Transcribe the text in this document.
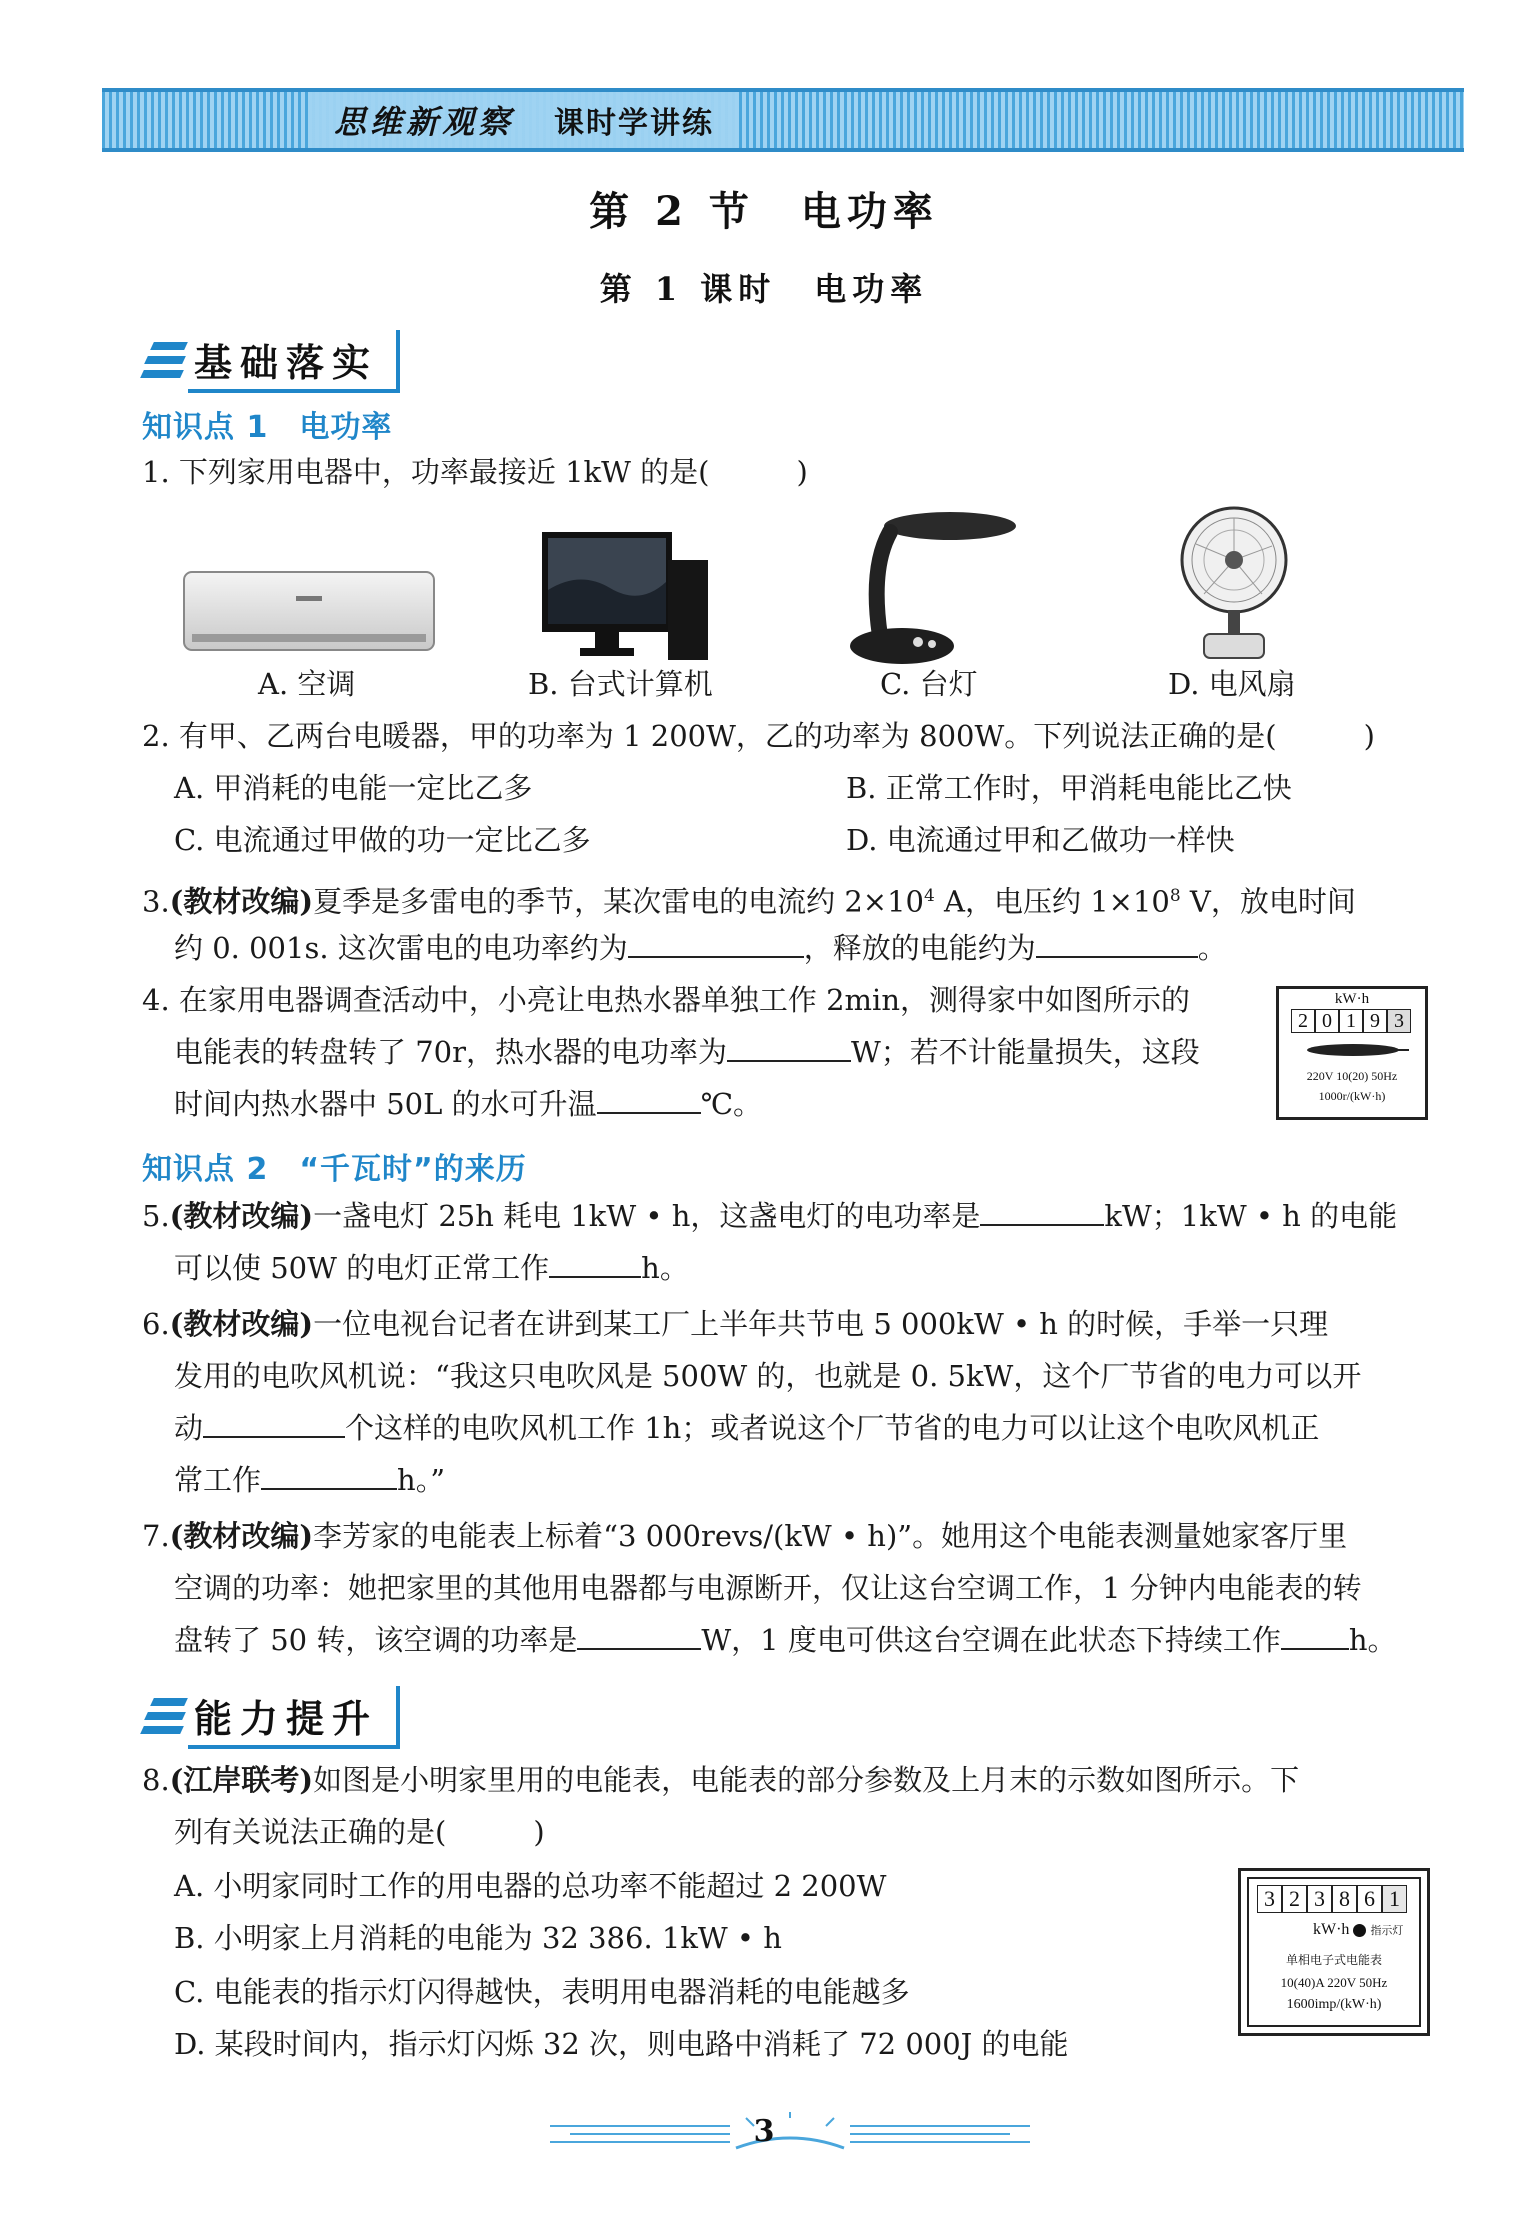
思维新观察 课时学讲练
第 2 节　电功率
第 1 课时　电功率
基础落实
知识点 1　电功率
1. 下列家用电器中，功率最接近 1kW 的是(　　　)
A. 空调	B. 台式计算机	C. 台灯	D. 电风扇
2. 有甲、乙两台电暖器，甲的功率为 1 200W，乙的功率为 800W。下列说法正确的是(　　　)
A. 甲消耗的电能一定比乙多	B. 正常工作时，甲消耗电能比乙快
C. 电流通过甲做的功一定比乙多	D. 电流通过甲和乙做功一样快
3.(教材改编)夏季是多雷电的季节，某次雷电的电流约 $2\times 10^4$ A，电压约 $1\times 10^8$ V，放电时间
约 0. 001s. 这次雷电的电功率约为	，释放的电能约为	。
4. 在家用电器调查活动中，小亮让电热水器单独工作 2min，测得家中如图所示的
电能表的转盘转了 70r，热水器的电功率为	W；若不计能量损失，这段
时间内热水器中 50L 的水可升温	℃。
kW·h
2 0 1 9 3
220V 10(20) 50Hz
1000r/(kW·h)
知识点 2　“千瓦时”的来历
5.(教材改编)一盏电灯 25h 耗电 1kW • h，这盏电灯的电功率是	kW；1kW • h 的电能
可以使 50W 的电灯正常工作	h。
6.(教材改编)一位电视台记者在讲到某工厂上半年共节电 5 000kW • h 的时候，手举一只理
发用的电吹风机说：“我这只电吹风是 500W 的，也就是 0. 5kW，这个厂节省的电力可以开
动	个这样的电吹风机工作 1h；或者说这个厂节省的电力可以让这个电吹风机正
常工作	h。”
7.(教材改编)李芳家的电能表上标着“3 000revs/(kW • h)”。她用这个电能表测量她家客厅里
空调的功率：她把家里的其他用电器都与电源断开，仅让这台空调工作，1 分钟内电能表的转
盘转了 50 转，该空调的功率是	W，1 度电可供这台空调在此状态下持续工作 h。
能力提升
8.(江岸联考)如图是小明家里用的电能表，电能表的部分参数及上月末的示数如图所示。下
列有关说法正确的是(　　　)
A. 小明家同时工作的用电器的总功率不能超过 2 200W
B. 小明家上月消耗的电能为 32 386. 1kW • h
C. 电能表的指示灯闪得越快，表明用电器消耗的电能越多
D. 某段时间内，指示灯闪烁 32 次，则电路中消耗了 72 000J 的电能
3 2 3 8 6 1
kW·h 指示灯
单相电子式电能表
10(40)A 220V 50Hz
1600imp/(kW·h)
3
